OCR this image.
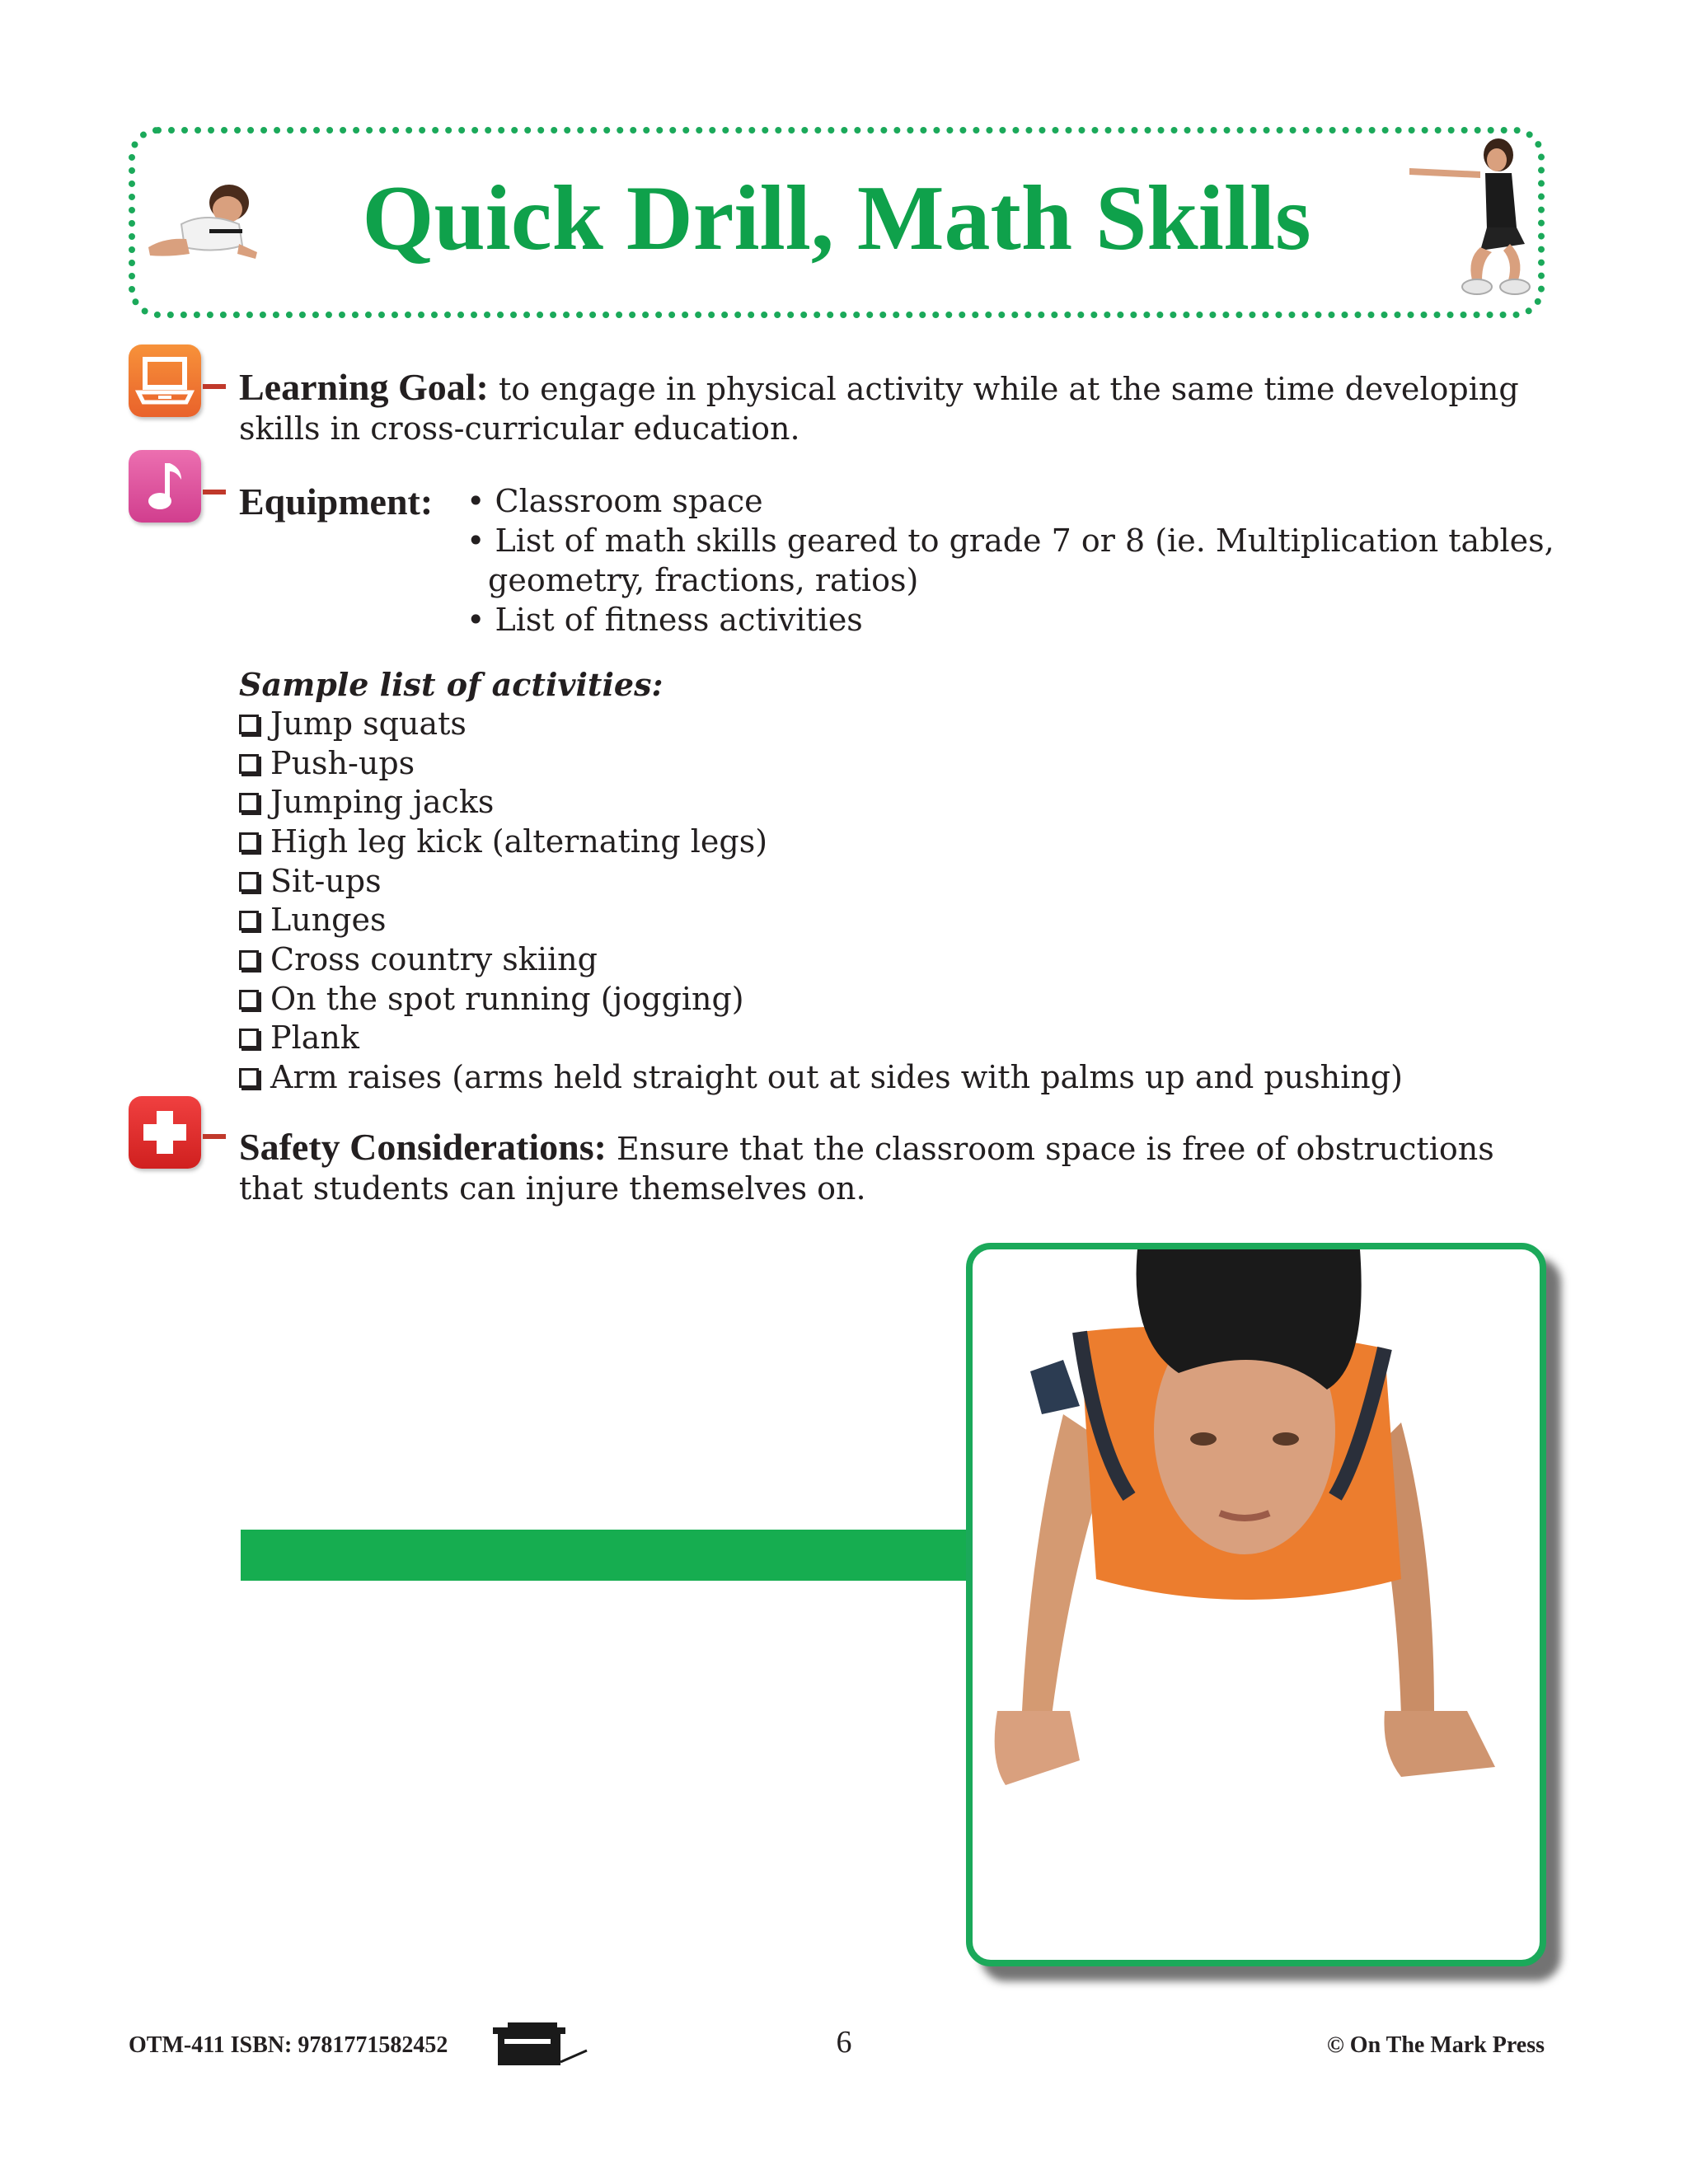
Quick Drill, Math Skills
Learning Goal: to engage in physical activity while at the same time developing skills in cross-curricular education.
Equipment: • Classroom space
• List of math skills geared to grade 7 or 8 (ie. Multiplication tables, geometry, fractions, ratios)
• List of fitness activities
Sample list of activities:
Jump squats
Push-ups
Jumping jacks
High leg kick (alternating legs)
Sit-ups
Lunges
Cross country skiing
On the spot running (jogging)
Plank
Arm raises (arms held straight out at sides with palms up and pushing)
Safety Considerations: Ensure that the classroom space is free of obstructions that students can injure themselves on.
OTM-411 ISBN: 9781771582452	6	© On The Mark Press
